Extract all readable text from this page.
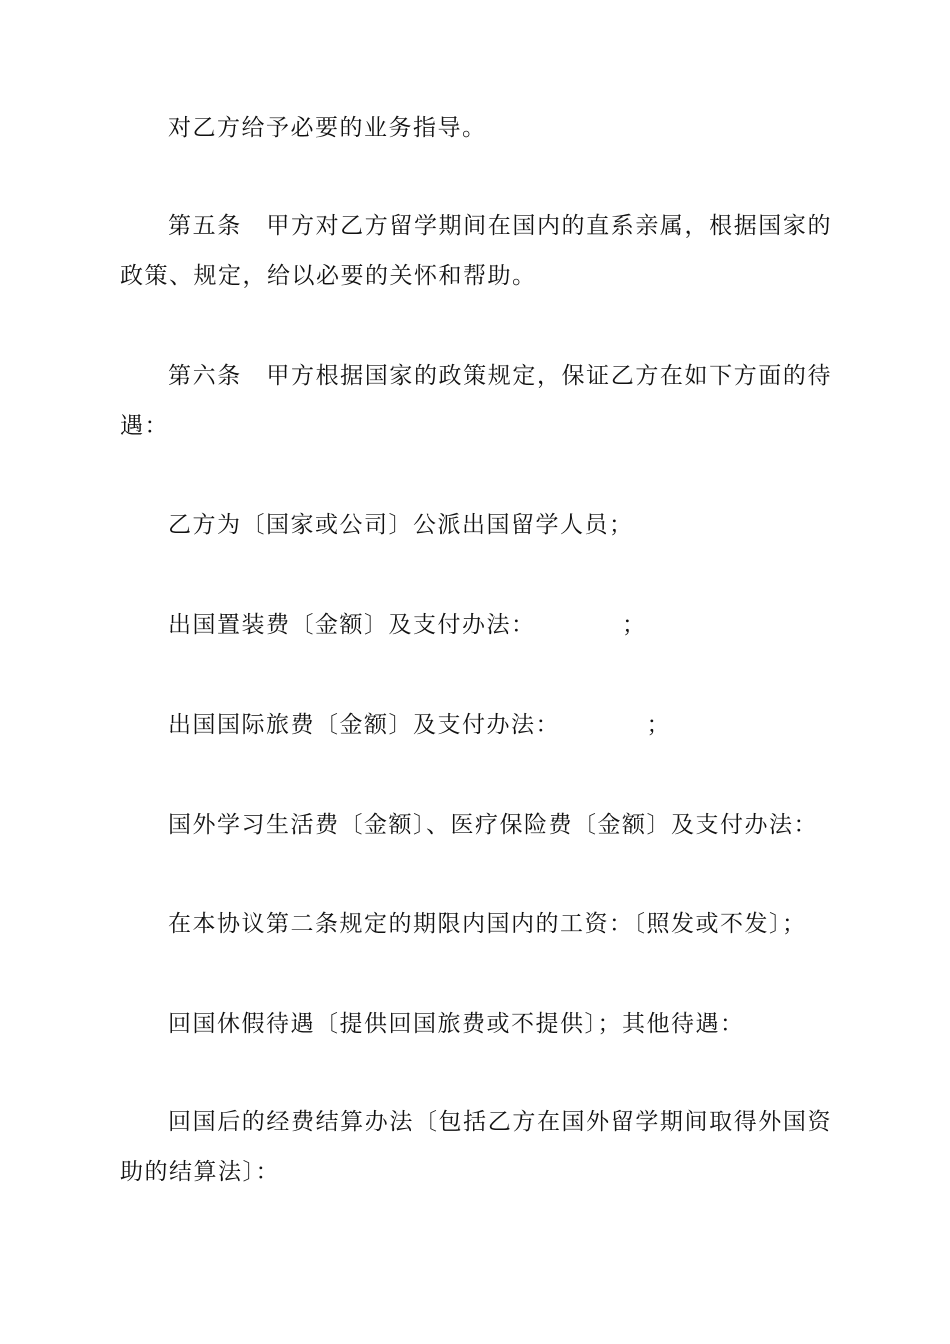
对乙方给予必要的业务指导。

第五条　甲方对乙方留学期间在国内的直系亲属，根据国家的政策、规定，给以必要的关怀和帮助。

第六条　甲方根据国家的政策规定，保证乙方在如下方面的待遇：

乙方为〔国家或公司〕公派出国留学人员；

出国置装费〔金额〕及支付办法：　　　　；

出国国际旅费〔金额〕及支付办法：　　　　；

国外学习生活费〔金额〕、医疗保险费〔金额〕及支付办法：

在本协议第二条规定的期限内国内的工资：〔照发或不发〕；

回国休假待遇〔提供回国旅费或不提供〕；其他待遇：

回国后的经费结算办法〔包括乙方在国外留学期间取得外国资助的结算法〕：
